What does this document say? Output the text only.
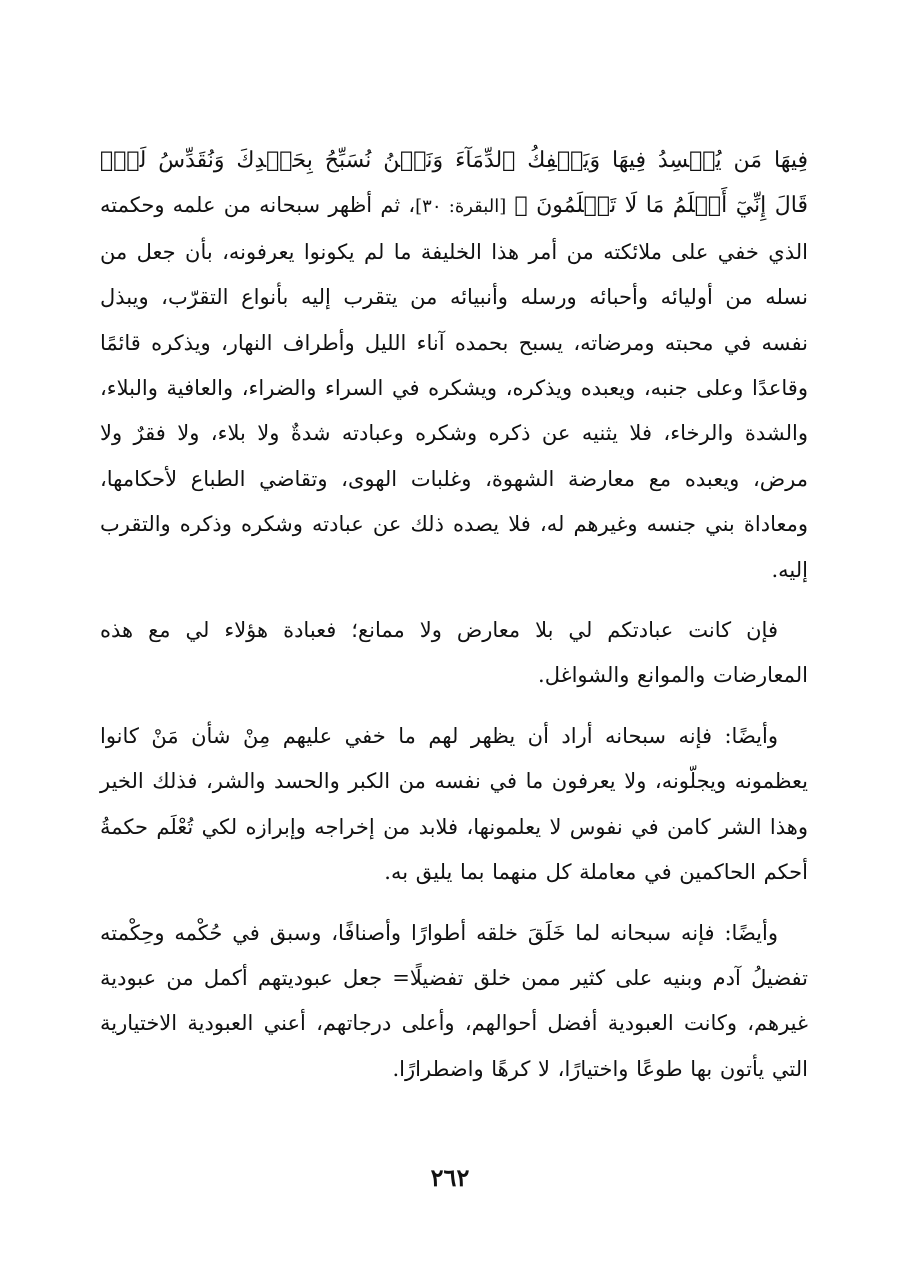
فِيهَا مَن يُفۡسِدُ فِيهَا وَيَسۡفِكُ ٱلدِّمَآءَ وَنَحۡنُ نُسَبِّحُ بِحَمۡدِكَ وَنُقَدِّسُ لَكَۖ قَالَ إِنِّيٓ أَعۡلَمُ مَا لَا تَعۡلَمُونَ ﴾ [البقرة: ٣٠]، ثم أظهر سبحانه من علمه وحكمته الذي خفي على ملائكته من أمر هذا الخليفة ما لم يكونوا يعرفونه، بأن جعل من نسله من أوليائه وأحبائه ورسله وأنبيائه من يتقرب إليه بأنواع التقرّب، ويبذل نفسه في محبته ومرضاته، يسبح بحمده آناء الليل وأطراف النهار، ويذكره قائمًا وقاعدًا وعلى جنبه، ويعبده ويذكره، ويشكره في السراء والضراء، والعافية والبلاء، والشدة والرخاء، فلا يثنيه عن ذكره وشكره وعبادته شدةٌ ولا بلاء، ولا فقرٌ ولا مرض، ويعبده مع معارضة الشهوة، وغلبات الهوى، وتقاضي الطباع لأحكامها، ومعاداة بني جنسه وغيرهم له، فلا يصده ذلك عن عبادته وشكره وذكره والتقرب إليه.

فإن كانت عبادتكم لي بلا معارض ولا ممانع؛ فعبادة هؤلاء لي مع هذه المعارضات والموانع والشواغل.

وأيضًا: فإنه سبحانه أراد أن يظهر لهم ما خفي عليهم مِنْ شأن مَنْ كانوا يعظمونه ويجلّونه، ولا يعرفون ما في نفسه من الكبر والحسد والشر، فذلك الخير وهذا الشر كامن في نفوس لا يعلمونها، فلابد من إخراجه وإبرازه لكي تُعْلَم حكمةُ أحكم الحاكمين في معاملة كل منهما بما يليق به.

وأيضًا: فإنه سبحانه لما خَلَقَ خلقه أطوارًا وأصنافًا، وسبق في حُكْمه وحِكْمته تفضيلُ آدم وبنيه على كثير ممن خلق تفضيلًا= جعل عبوديتهم أكمل من عبودية غيرهم، وكانت العبودية أفضل أحوالهم، وأعلى درجاتهم، أعني العبودية الاختيارية التي يأتون بها طوعًا واختيارًا، لا كرهًا واضطرارًا.

٢٦٢
